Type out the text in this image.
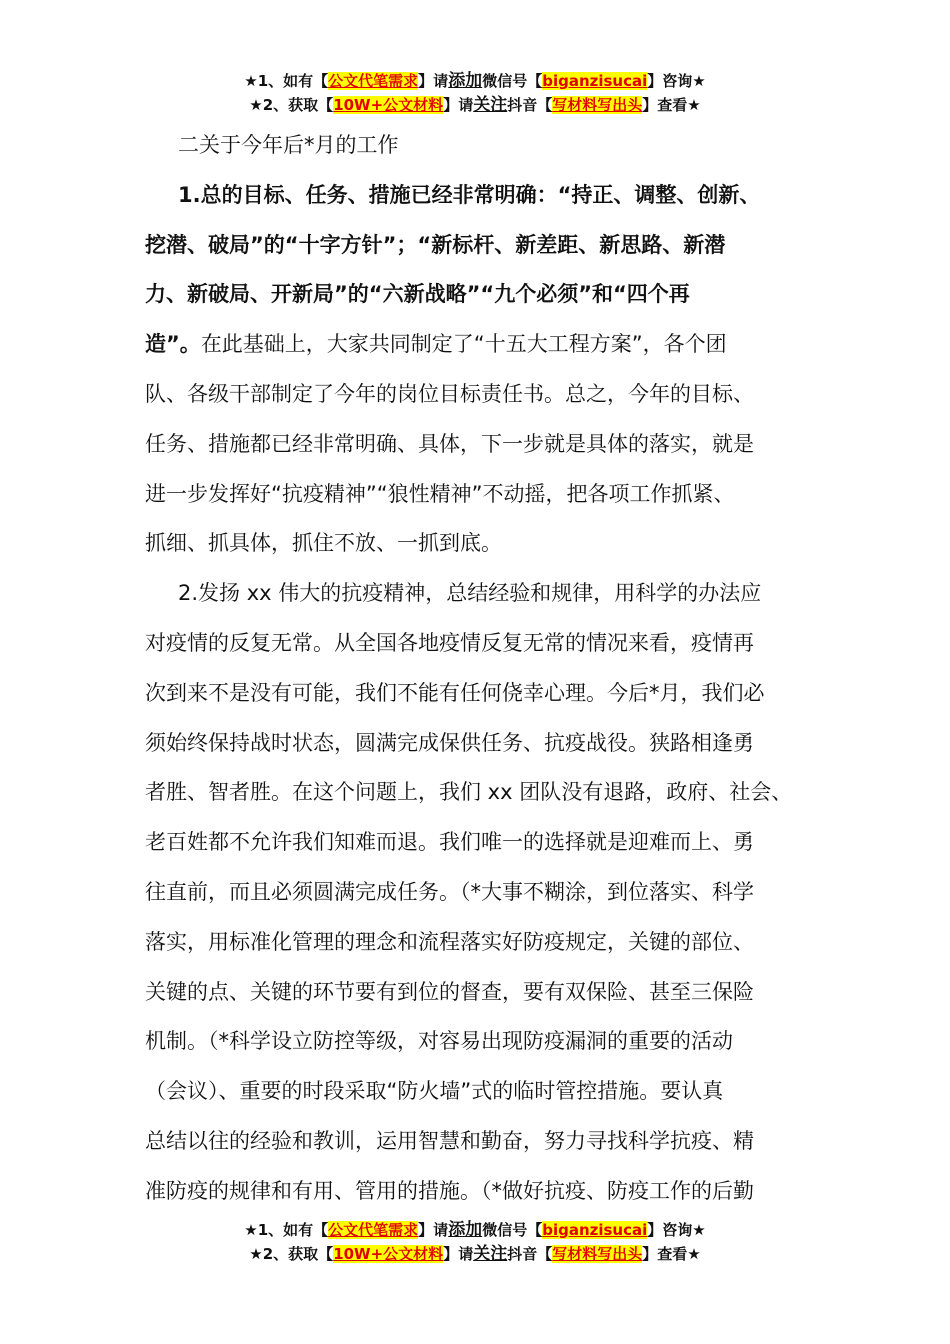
★1、如有【公文代笔需求】请添加微信号【biganzisucai】咨询★
★2、获取【10W+公文材料】请关注抖音【写材料写出头】查看★
二关于今年后*月的工作
1.总的目标、任务、措施已经非常明确：“持正、调整、创新、
挖潜、破局”的“十字方针”；“新标杆、新差距、新思路、新潜
力、新破局、开新局”的“六新战略”“九个必须”和“四个再
造”。在此基础上，大家共同制定了“十五大工程方案”，各个团
队、各级干部制定了今年的岗位目标责任书。总之，今年的目标、
任务、措施都已经非常明确、具体，下一步就是具体的落实，就是
进一步发挥好“抗疫精神”“狼性精神”不动摇，把各项工作抓紧、
抓细、抓具体，抓住不放、一抓到底。
2.发扬 xx 伟大的抗疫精神，总结经验和规律，用科学的办法应
对疫情的反复无常。从全国各地疫情反复无常的情况来看，疫情再
次到来不是没有可能，我们不能有任何侥幸心理。今后*月，我们必
须始终保持战时状态，圆满完成保供任务、抗疫战役。狭路相逢勇
者胜、智者胜。在这个问题上，我们 xx 团队没有退路，政府、社会、
老百姓都不允许我们知难而退。我们唯一的选择就是迎难而上、勇
往直前，而且必须圆满完成任务。（*大事不糊涂，到位落实、科学
落实，用标准化管理的理念和流程落实好防疫规定，关键的部位、
关键的点、关键的环节要有到位的督查，要有双保险、甚至三保险
机制。（*科学设立防控等级，对容易出现防疫漏洞的重要的活动
（会议）、重要的时段采取“防火墙”式的临时管控措施。要认真
总结以往的经验和教训，运用智慧和勤奋，努力寻找科学抗疫、精
准防疫的规律和有用、管用的措施。（*做好抗疫、防疫工作的后勤
★1、如有【公文代笔需求】请添加微信号【biganzisucai】咨询★
★2、获取【10W+公文材料】请关注抖音【写材料写出头】查看★
